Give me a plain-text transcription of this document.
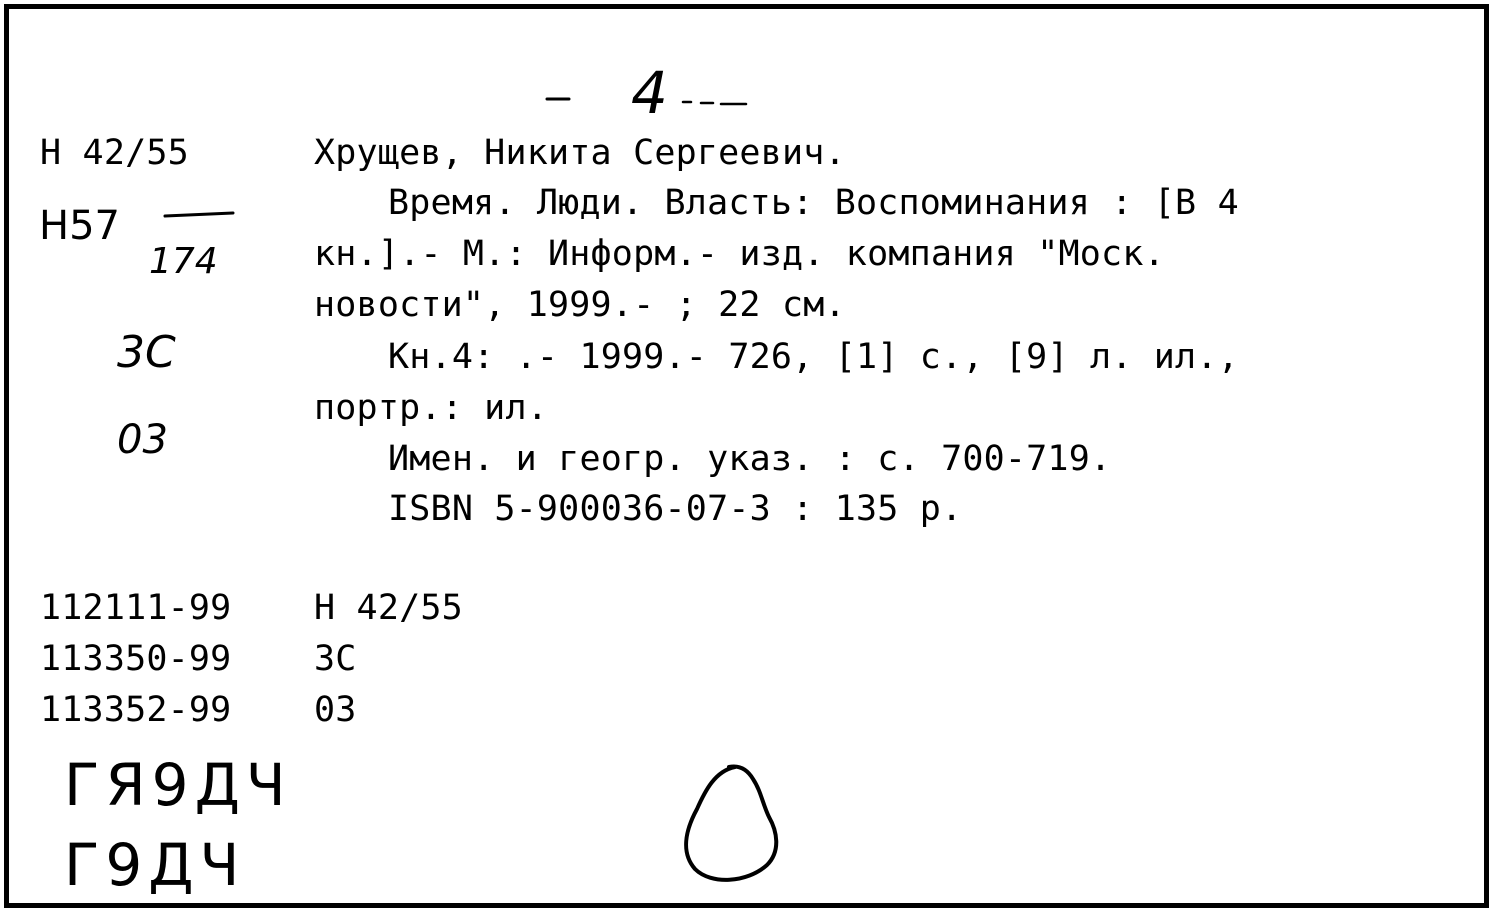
4
Н 42/55
Н57
174
3С
03
Хрущев, Никита Сергеевич.
Время. Люди. Власть: Воспоминания : [В 4
кн.].- М.: Информ.- изд. компания "Моск.
новости", 1999.- ; 22 см.
Кн.4: .- 1999.- 726, [1] с., [9] л. ил.,
портр.: ил.
Имен. и геогр. указ. : с. 700-719.
ISBN 5-900036-07-3 : 135 р.
112111-99 Н 42/55
113350-99 3С
113352-99 03
ГЯ9ДЧ
Г9ДЧ
